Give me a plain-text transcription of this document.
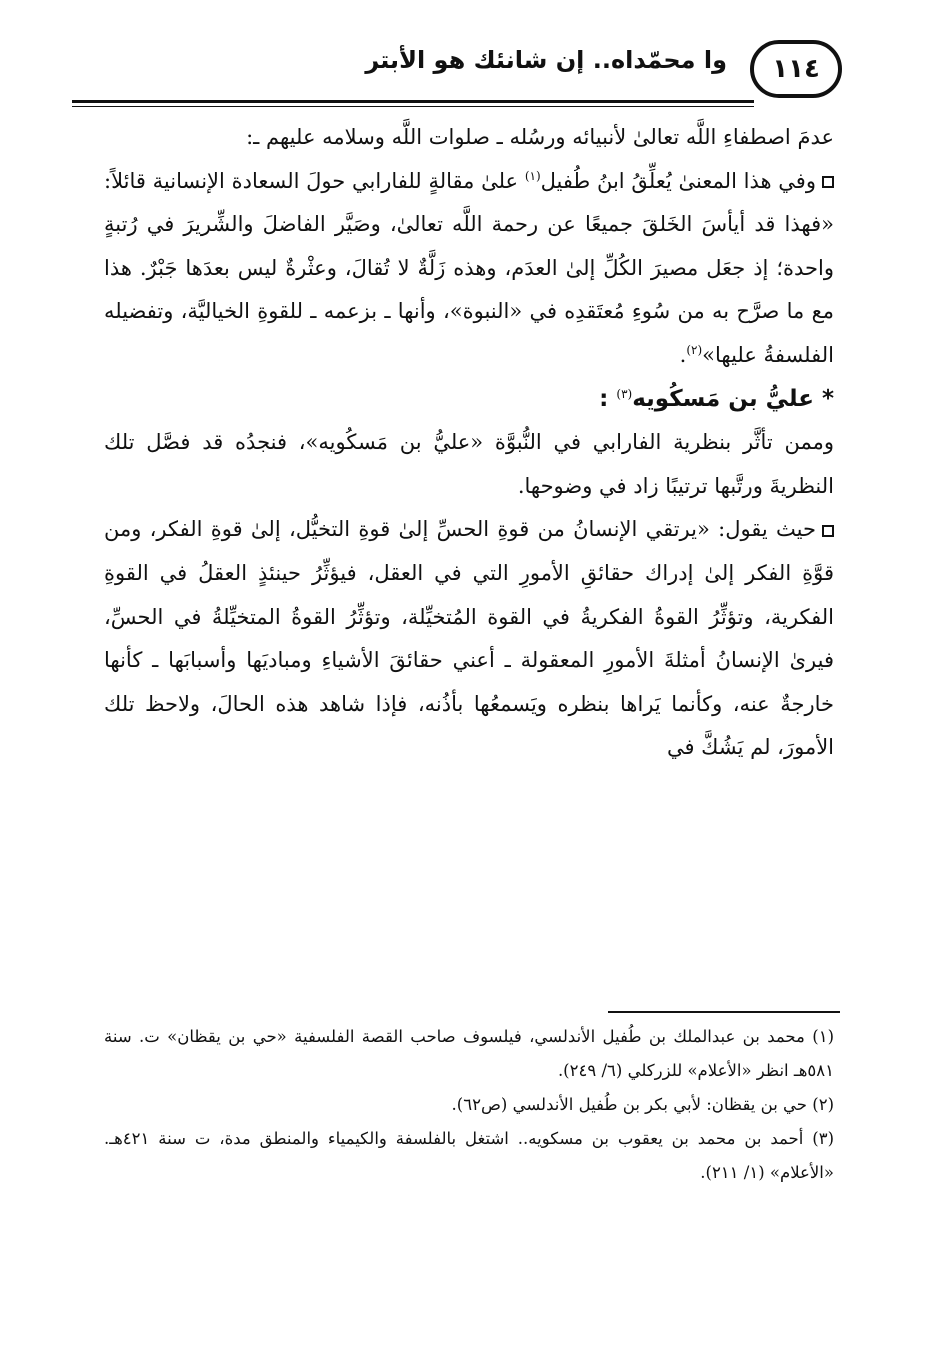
١١٤
وا محمّداه.. إن شانئك هو الأبتر

عدمَ اصطفاءِ اللَّه تعالىٰ لأنبيائه ورسُله ـ صلوات اللَّه وسلامه عليهم ـ:

وفي هذا المعنىٰ يُعلِّقُ ابنُ طُفيل$^{(١)}$ علىٰ مقالةٍ للفارابي حولَ السعادة الإنسانية قائلاً: «فهذا قد أيأسَ الخَلقَ جميعًا عن رحمة اللَّه تعالىٰ، وصَيَّر الفاضلَ والشِّريرَ في رُتبةٍ واحدة؛ إذ جعَل مصيرَ الكُلِّ إلىٰ العدَم، وهذه زَلَّةٌ لا تُقالَ، وعثْرةٌ ليس بعدَها جَبْرٌ. هذا مع ما صرَّح به من سُوءِ مُعتَقدِه في «النبوة»، وأنها ـ بزعمه ـ للقوةِ الخياليَّة، وتفضيله الفلسفةُ عليها»$^{(٢)}$.

* عليُّ بن مَسكُويه$^{(٣)}$ :

وممن تأثَّر بنظرية الفارابي في النُّبوَّة «عليُّ بن مَسكُويه»، فنجدُه قد فصَّل تلك النظريةَ ورتَّبها ترتيبًا زاد في وضوحها.

حيث يقول: «يرتقي الإنسانُ من قوةِ الحسِّ إلىٰ قوةِ التخيُّل، إلىٰ قوةِ الفكر، ومن قوَّةِ الفكر إلىٰ إدراك حقائقِ الأمورِ التي في العقل، فيؤثِّرُ حينئذٍ العقلُ في القوةِ الفكرية، وتؤثِّرُ القوةُ الفكريةُ في القوة المُتخيِّلة، وتؤثِّرُ القوةُ المتخيِّلةُ في الحسِّ، فيرىٰ الإنسانُ أمثلةَ الأمورِ المعقولة ـ أعني حقائقَ الأشياءِ ومباديَها وأسبابَها ـ كأنها خارجةٌ عنه، وكأنما يَراها بنظره ويَسمعُها بأذُنه، فإذا شاهد هذه الحالَ، ولاحظ تلك الأمورَ، لم يَشُكَّ في

(١) محمد بن عبدالملك بن طُفيل الأندلسي، فيلسوف صاحب القصة الفلسفية «حي بن يقظان» ت. سنة ٥٨١هـ انظر «الأعلام» للزركلي (٦/ ٢٤٩).

(٢) حي بن يقظان: لأبي بكر بن طُفيل الأندلسي (ص٦٢).

(٣) أحمد بن محمد بن يعقوب بن مسكويه.. اشتغل بالفلسفة والكيمياء والمنطق مدة، ت سنة ٤٢١هـ. «الأعلام» (١/ ٢١١).
